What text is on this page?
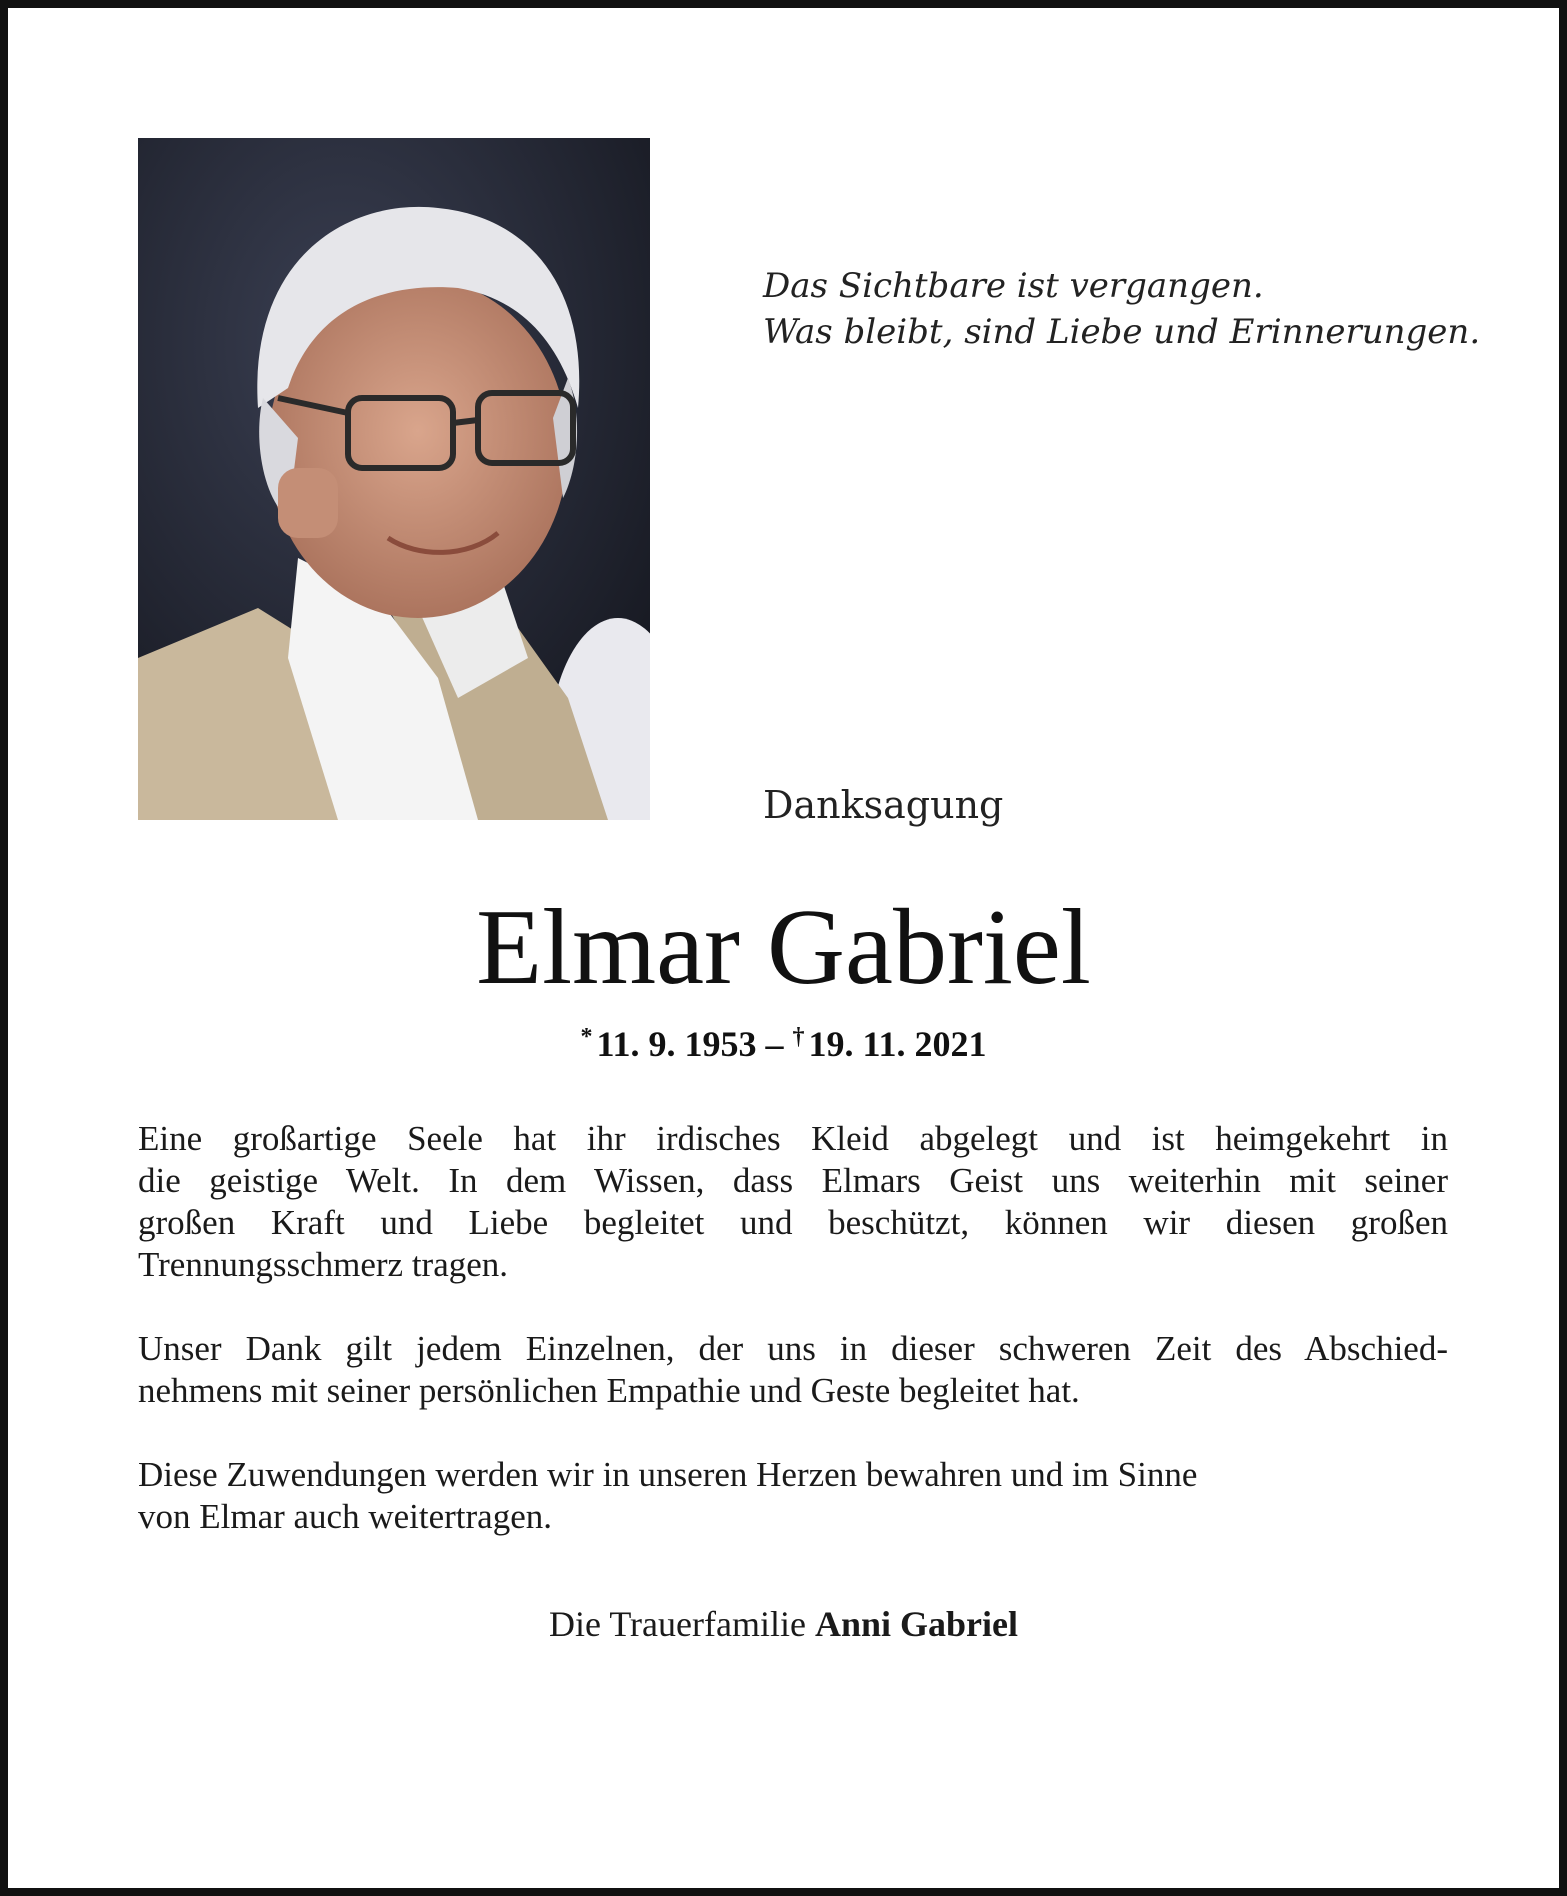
Das Sichtbare ist vergangen.
Was bleibt, sind Liebe und Erinnerungen.
Danksagung
Elmar Gabriel
* 11. 9. 1953 – † 19. 11. 2021

Eine großartige Seele hat ihr irdisches Kleid abgelegt und ist heimgekehrt in
die geistige Welt. In dem Wissen, dass Elmars Geist uns weiterhin mit seiner
großen Kraft und Liebe begleitet und beschützt, können wir diesen großen
Trennungsschmerz tragen.

Unser Dank gilt jedem Einzelnen, der uns in dieser schweren Zeit des Abschied-
nehmens mit seiner persönlichen Empathie und Geste begleitet hat.

Diese Zuwendungen werden wir in unseren Herzen bewahren und im Sinne
von Elmar auch weitertragen.

Die Trauerfamilie Anni Gabriel
